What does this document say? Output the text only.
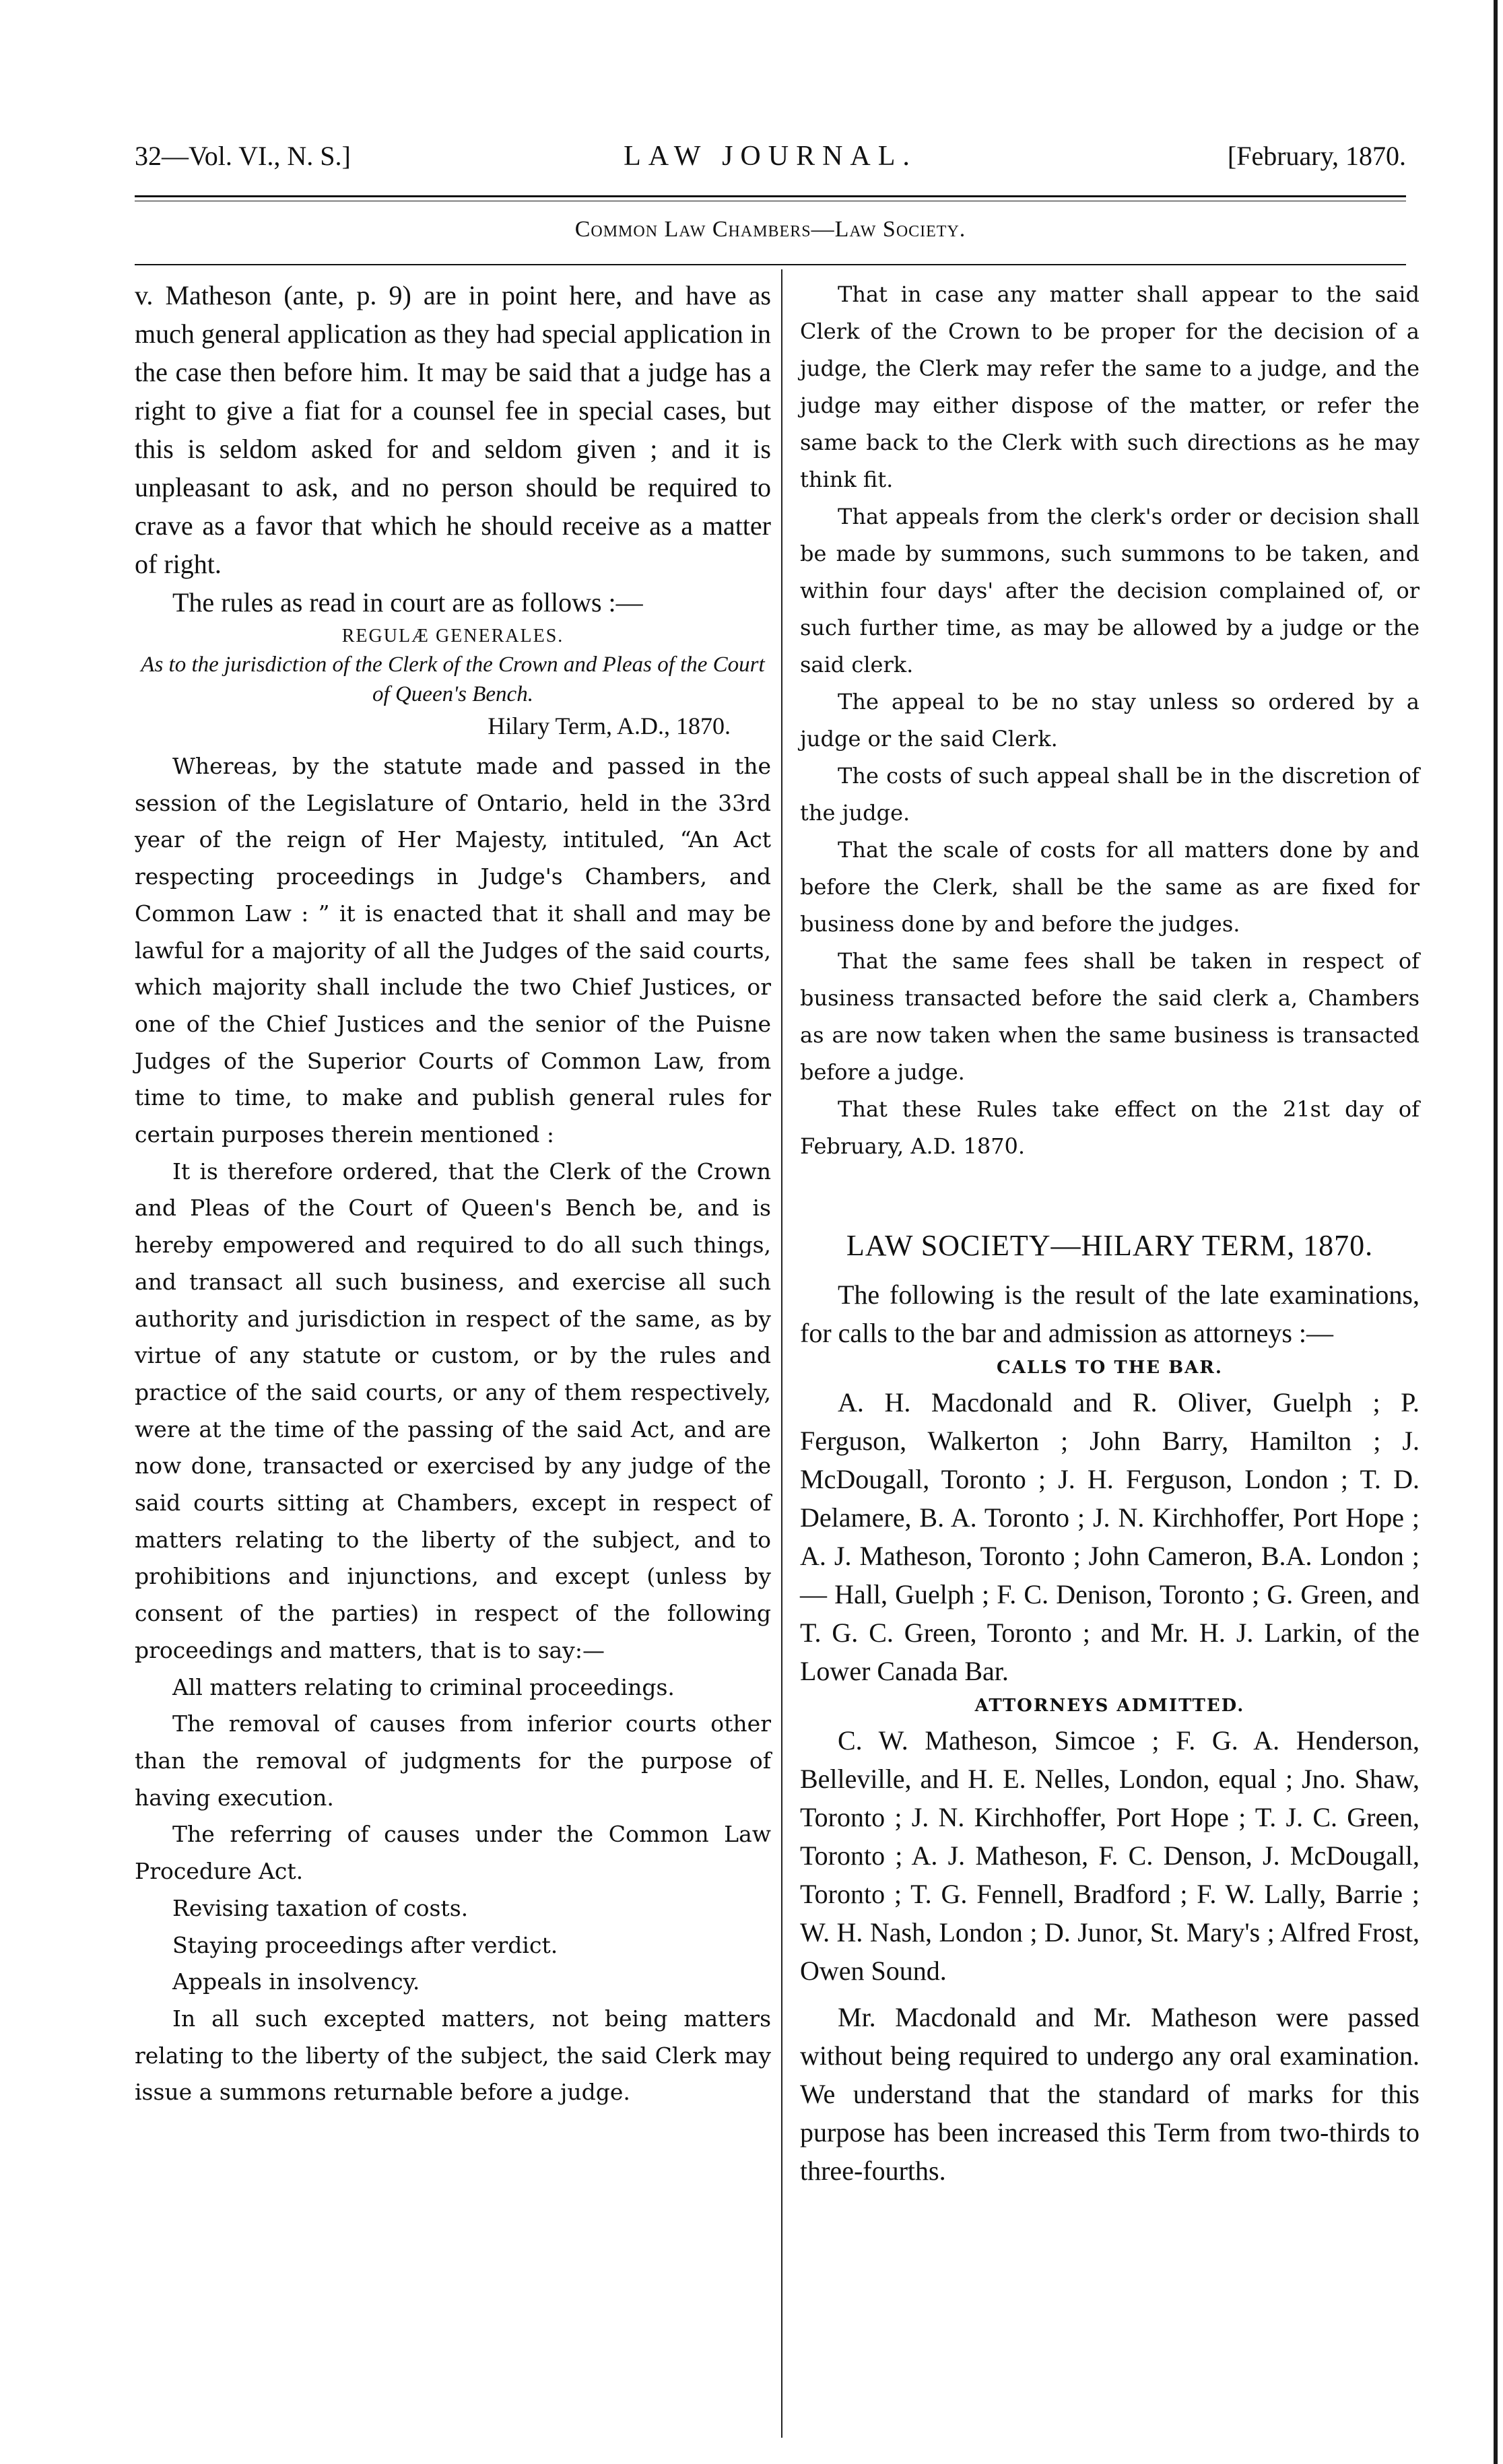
32—Vol. VI., N. S.]	LAW JOURNAL.	[February, 1870.
Common Law Chambers—Law Society.

v. Matheson (ante, p. 9) are in point here, and have as much general application as they had special application in the case then before him. It may be said that a judge has a right to give a fiat for a counsel fee in special cases, but this is seldom asked for and seldom given ; and it is unpleasant to ask, and no person should be required to crave as a favor that which he should receive as a matter of right.

The rules as read in court are as follows :—

REGULÆ GENERALES.
As to the jurisdiction of the Clerk of the Crown and Pleas of the Court of Queen's Bench.
Hilary Term, A.D., 1870.

Whereas, by the statute made and passed in the session of the Legislature of Ontario, held in the 33rd year of the reign of Her Majesty, intituled, “An Act respecting proceedings in Judge's Chambers, and Common Law : ” it is enacted that it shall and may be lawful for a majority of all the Judges of the said courts, which majority shall include the two Chief Justices, or one of the Chief Justices and the senior of the Puisne Judges of the Superior Courts of Common Law, from time to time, to make and publish general rules for certain purposes therein mentioned :

It is therefore ordered, that the Clerk of the Crown and Pleas of the Court of Queen's Bench be, and is hereby empowered and required to do all such things, and transact all such business, and exercise all such authority and jurisdiction in respect of the same, as by virtue of any statute or custom, or by the rules and practice of the said courts, or any of them respectively, were at the time of the passing of the said Act, and are now done, transacted or exercised by any judge of the said courts sitting at Chambers, except in respect of matters relating to the liberty of the subject, and to prohibitions and injunctions, and except (unless by consent of the parties) in respect of the following proceedings and matters, that is to say:—

All matters relating to criminal proceedings.

The removal of causes from inferior courts other than the removal of judgments for the purpose of having execution.

The referring of causes under the Common Law Procedure Act.

Revising taxation of costs.

Staying proceedings after verdict.

Appeals in insolvency.

In all such excepted matters, not being matters relating to the liberty of the subject, the said Clerk may issue a summons returnable before a judge.

That in case any matter shall appear to the said Clerk of the Crown to be proper for the decision of a judge, the Clerk may refer the same to a judge, and the judge may either dispose of the matter, or refer the same back to the Clerk with such directions as he may think fit.

That appeals from the clerk's order or decision shall be made by summons, such summons to be taken, and within four days' after the decision complained of, or such further time, as may be allowed by a judge or the said clerk.

The appeal to be no stay unless so ordered by a judge or the said Clerk.

The costs of such appeal shall be in the discretion of the judge.

That the scale of costs for all matters done by and before the Clerk, shall be the same as are fixed for business done by and before the judges.

That the same fees shall be taken in respect of business transacted before the said clerk a, Chambers as are now taken when the same business is transacted before a judge.

That these Rules take effect on the 21st day of February, A.D. 1870.

LAW SOCIETY—HILARY TERM, 1870.

The following is the result of the late examinations, for calls to the bar and admission as attorneys :—

CALLS TO THE BAR.

A. H. Macdonald and R. Oliver, Guelph ; P. Ferguson, Walkerton ; John Barry, Hamilton ; J. McDougall, Toronto ; J. H. Ferguson, London ; T. D. Delamere, B. A. Toronto ; J. N. Kirchhoffer, Port Hope ; A. J. Matheson, Toronto ; John Cameron, B.A. London ; — Hall, Guelph ; F. C. Denison, Toronto ; G. Green, and T. G. C. Green, Toronto ; and Mr. H. J. Larkin, of the Lower Canada Bar.

ATTORNEYS ADMITTED.

C. W. Matheson, Simcoe ; F. G. A. Henderson, Belleville, and H. E. Nelles, London, equal ; Jno. Shaw, Toronto ; J. N. Kirchhoffer, Port Hope ; T. J. C. Green, Toronto ; A. J. Matheson, F. C. Denson, J. McDougall, Toronto ; T. G. Fennell, Bradford ; F. W. Lally, Barrie ; W. H. Nash, London ; D. Junor, St. Mary's ; Alfred Frost, Owen Sound.

Mr. Macdonald and Mr. Matheson were passed without being required to undergo any oral examination. We understand that the standard of marks for this purpose has been increased this Term from two-thirds to three-fourths.
